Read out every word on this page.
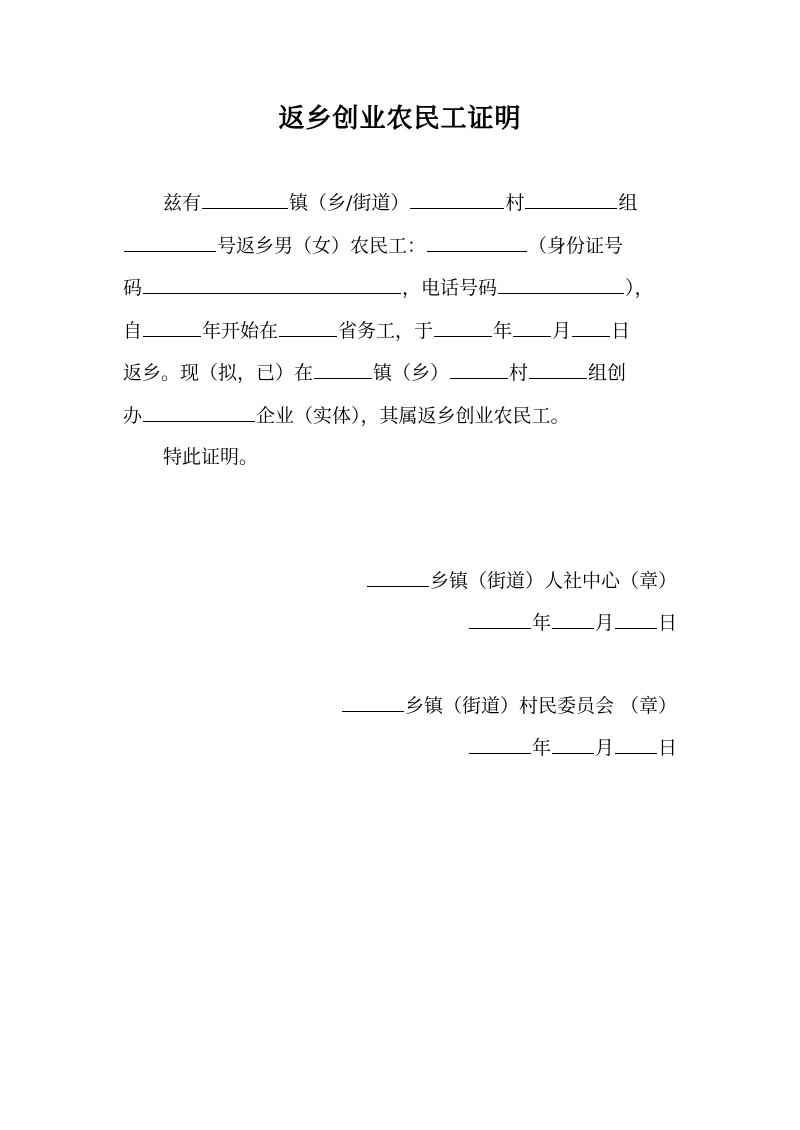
返乡创业农民工证明
兹有	镇（乡/街道）	村	组
号返乡男（女）农民工：	（身份证号
码	，电话号码	），
自	年开始在	省务工，于	年 月 日
返乡。现（拟，已）在	镇（乡）	村	组创
办	企业（实体），其属返乡创业农民工。
特此证明。
乡镇（街道）人社中心（章）
年 月 日
乡镇（街道）村民委员会 （章）
年 月 日
